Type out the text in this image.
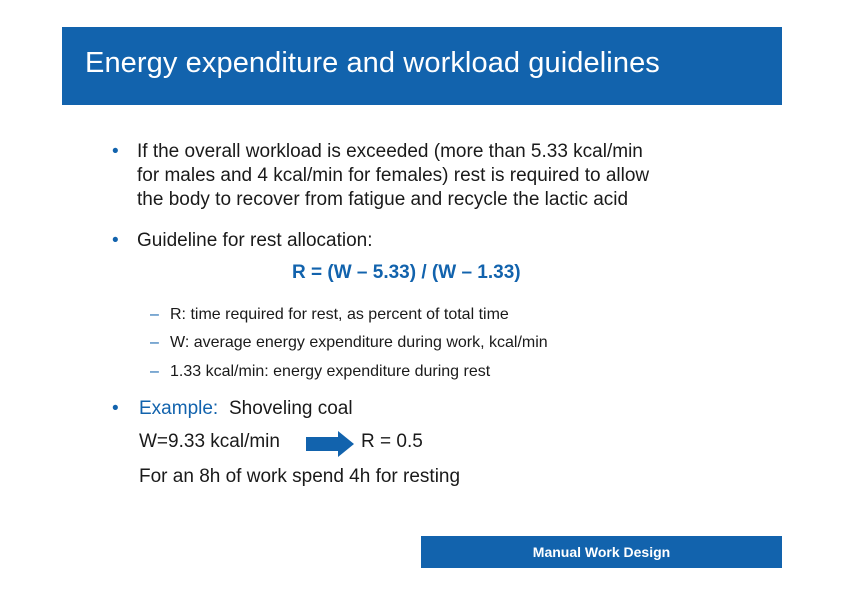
Energy expenditure and workload guidelines
• If the overall workload is exceeded (more than 5.33 kcal/min
for males and 4 kcal/min for females) rest is required to allow
the body to recover from fatigue and recycle the lactic acid
• Guideline for rest allocation:
R = (W – 5.33) / (W – 1.33)
– R: time required for rest, as percent of total time
– W: average energy expenditure during work, kcal/min
– 1.33 kcal/min: energy expenditure during rest
• Example: Shoveling coal
W=9.33 kcal/min	R = 0.5
For an 8h of work spend 4h for resting
Manual Work Design
